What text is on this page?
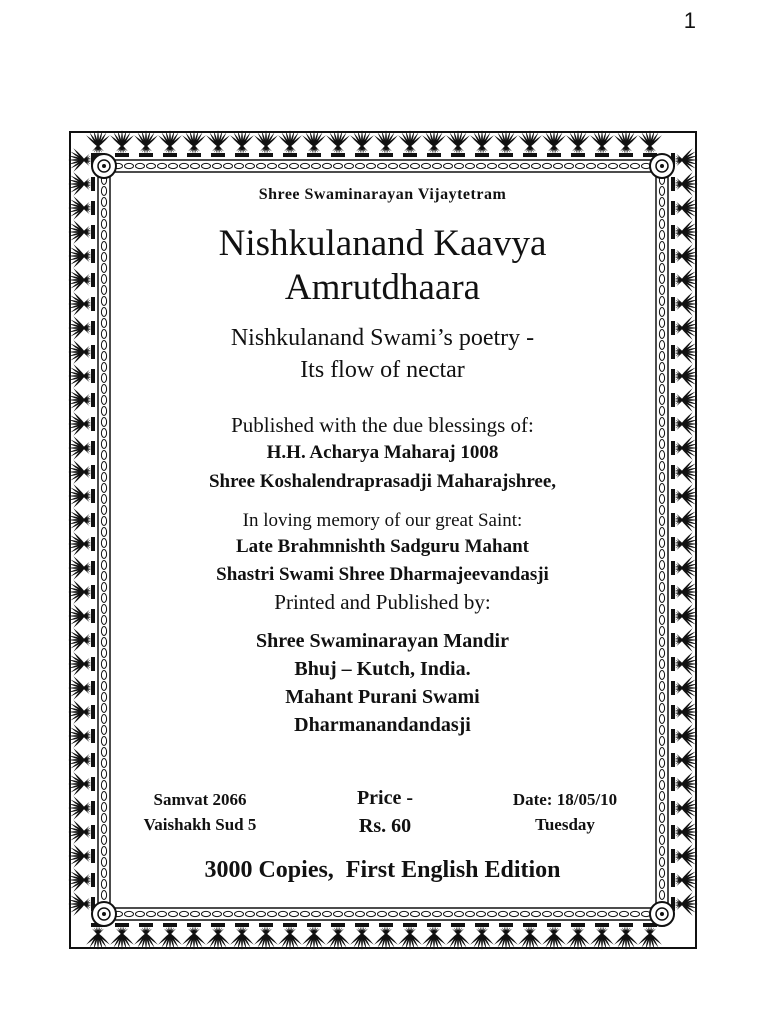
1

Shree Swaminarayan Vijaytetram

Nishkulanand Kaavya
Amrutdhaara
Nishkulanand Swami’s poetry -
Its flow of nectar
Published with the due blessings of:
H.H. Acharya Maharaj 1008
Shree Koshalendraprasadji Maharajshree,
In loving memory of our great Saint:
Late Brahmnishth Sadguru Mahant
Shastri Swami Shree Dharmajeevandasji
Printed and Published by:
Shree Swaminarayan Mandir
Bhuj – Kutch, India.
Mahant Purani Swami
Dharmanandandasji
Samvat 2066
Vaishakh Sud 5
Price -
Rs. 60
Date: 18/05/10
Tuesday
3000 Copies,  First English Edition
